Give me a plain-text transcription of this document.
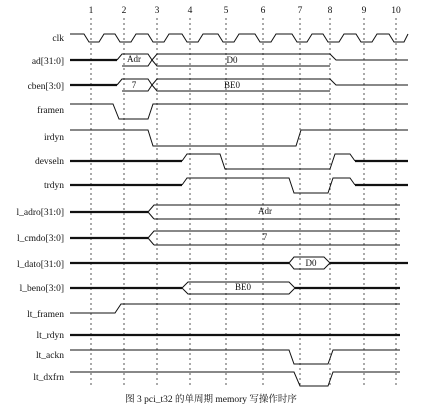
1	2	3	4	5	6	7	8	9	10
clk
ad[31:0]
cben[3:0]
framen
irdyn
devseln
trdyn
l_adro[31:0]
l_cmdo[3:0]
l_dato[31:0]
l_beno[3:0]
lt_framen
lt_rdyn
lt_ackn
lt_dxfrn
Adr	D0
7	BE0
Adr
7
D0
BE0
图 3 pci_t32 的单周期 memory 写操作时序
